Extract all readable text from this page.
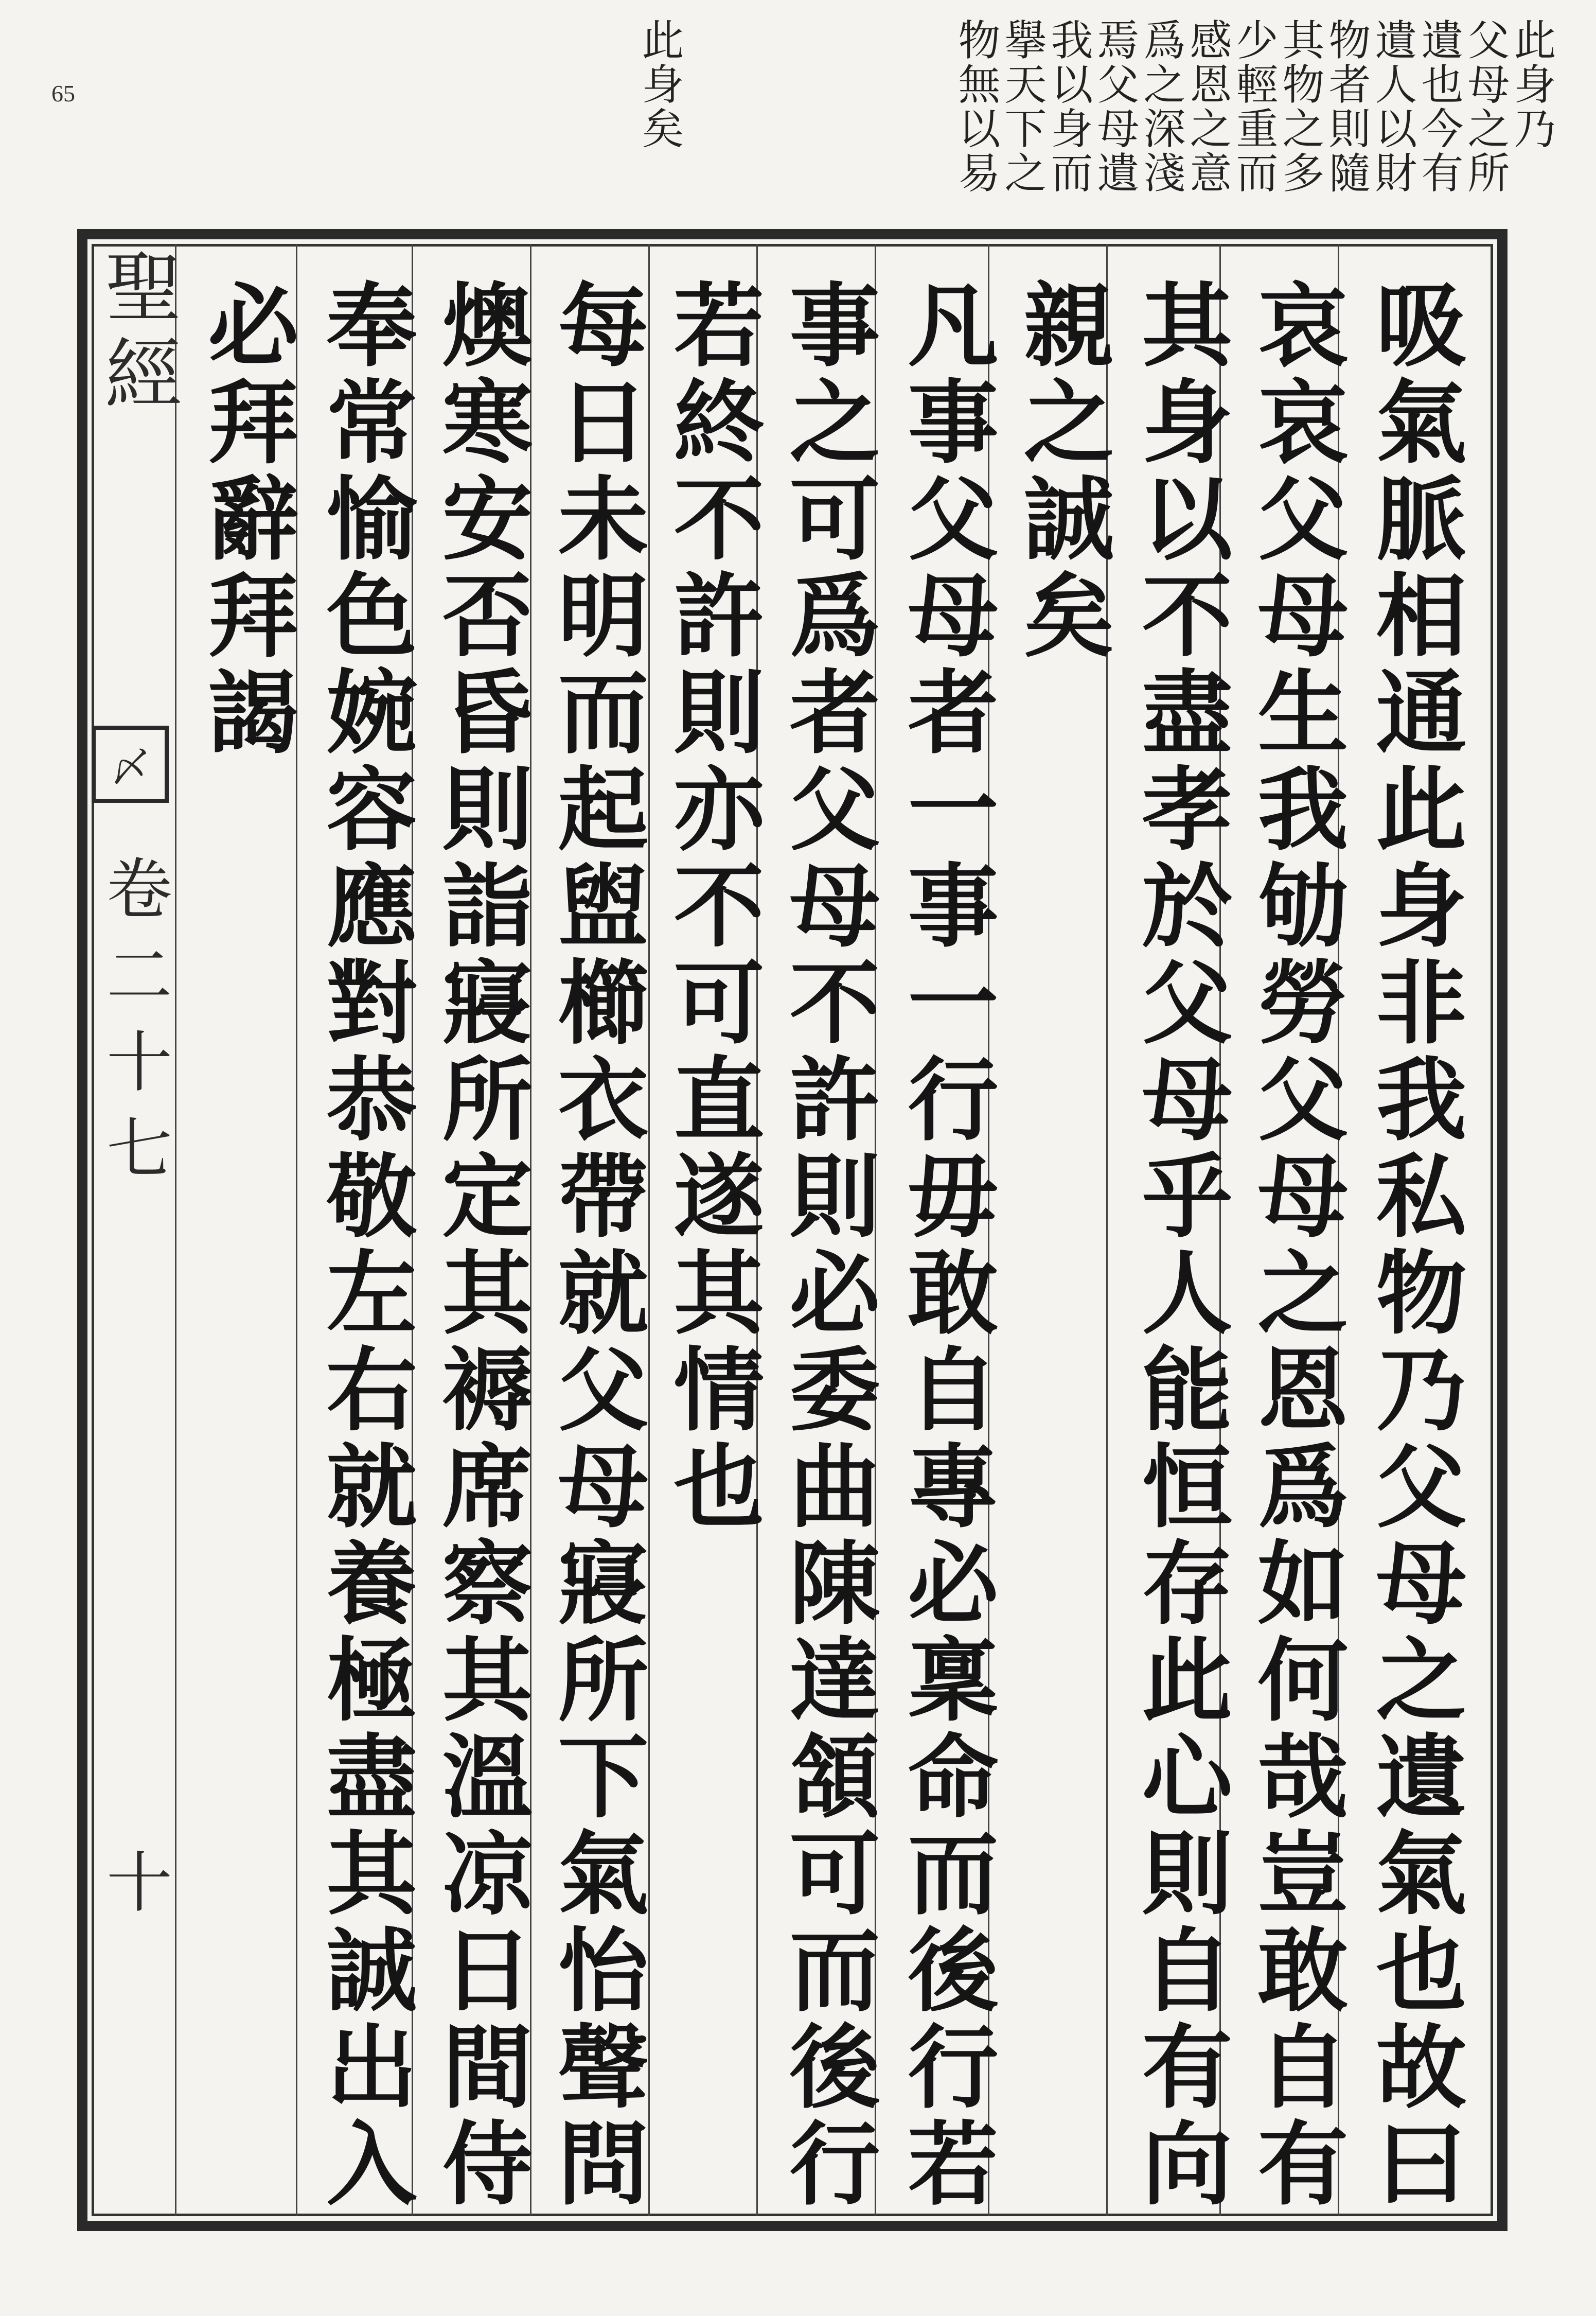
65	此身乃
父母之所
遺也今有
遺人以財
物者則隨
其物之多
少輕重而
感恩之意
爲之深淺
焉父母遺
我以身而
擧天下之
物無以易
此身矣
聖經
〆
卷二十七
十	吸氣脈相通此身非我私物乃父母之遺氣也故曰
哀哀父母生我劬勞父母之恩爲如何哉豈敢自有
其身以不盡孝於父母乎人能恒存此心則自有向
親之誠矣
凡事父母者一事一行毋敢自專必稟命而後行若
事之可爲者父母不許則必委曲陳達頷可而後行
若終不許則亦不可直遂其情也
每日未明而起盥櫛衣帶就父母寢所下氣怡聲問
燠寒安否昏則詣寢所定其褥席察其溫凉日間侍
奉常愉色婉容應對恭敬左右就養極盡其誠出入
必拜辭拜謁
